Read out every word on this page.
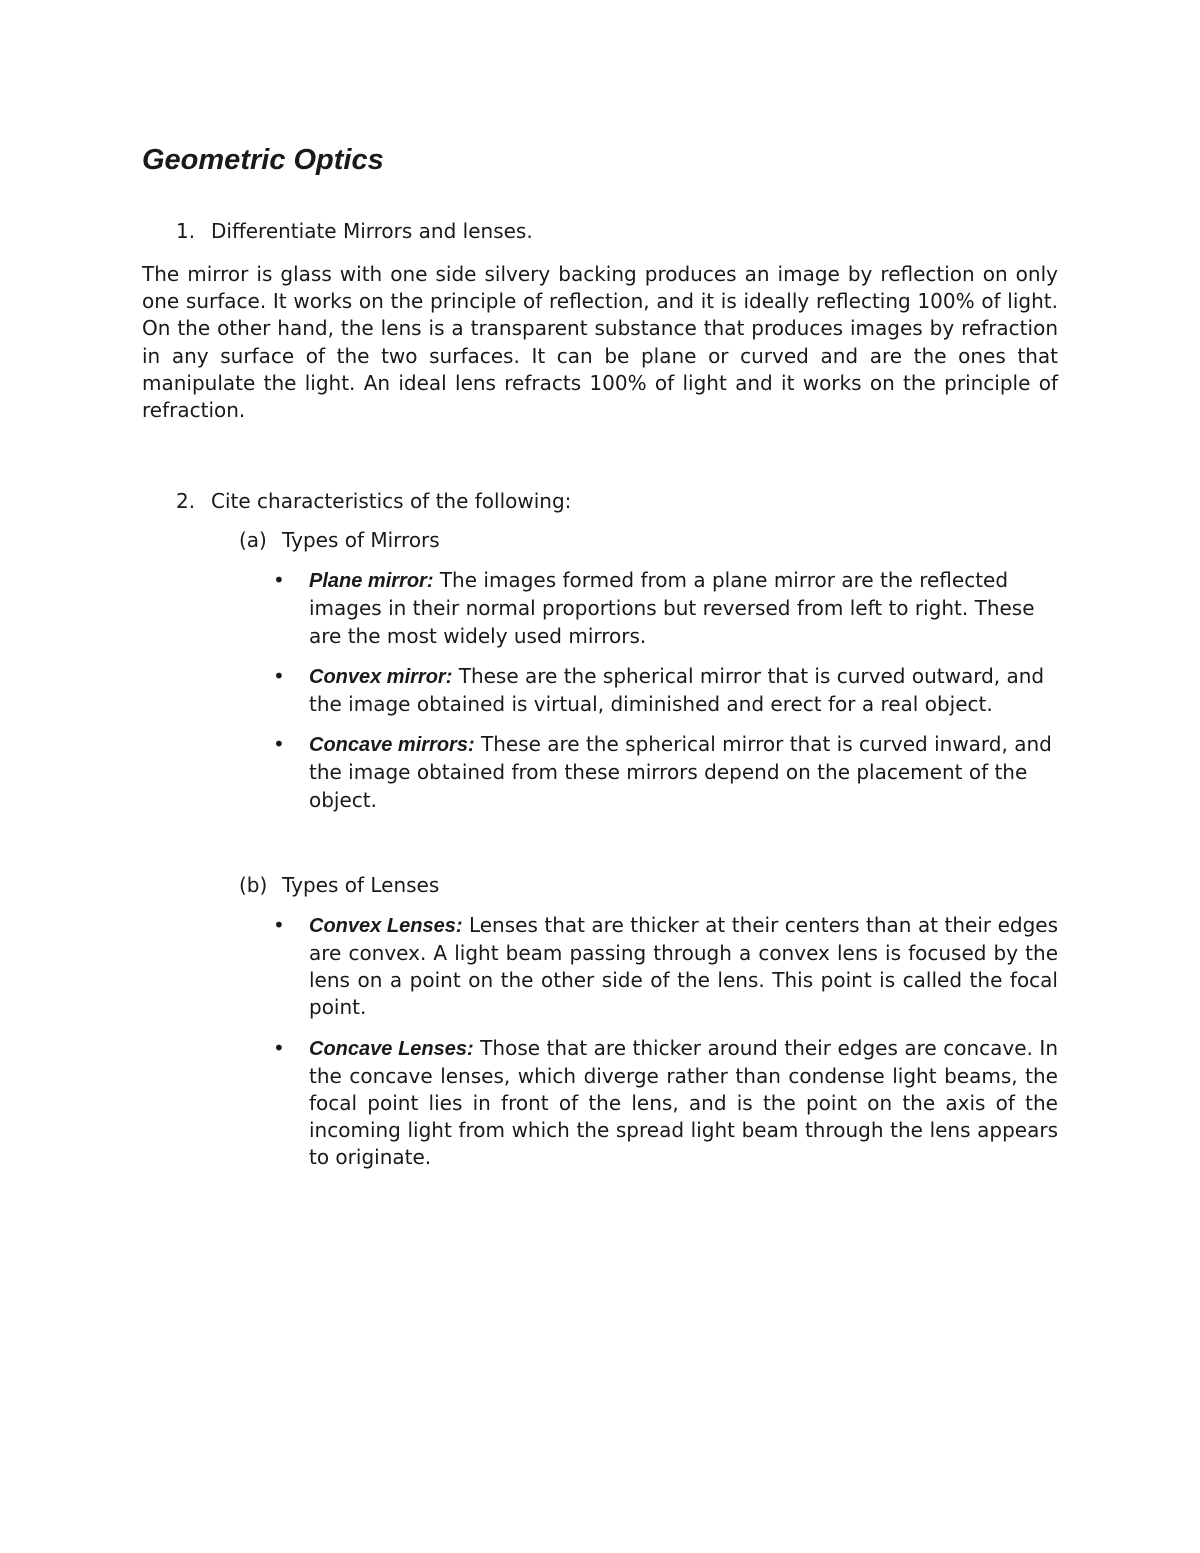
Geometric Optics

1. Differentiate Mirrors and lenses.

The mirror is glass with one side silvery backing produces an image by reflection on only one surface. It works on the principle of reflection, and it is ideally reflecting 100% of light. On the other hand, the lens is a transparent substance that produces images by refraction in any surface of the two surfaces. It can be plane or curved and are the ones that manipulate the light. An ideal lens refracts 100% of light and it works on the principle of refraction.

2. Cite characteristics of the following:

(a) Types of Mirrors

• Plane mirror: The images formed from a plane mirror are the reflected images in their normal proportions but reversed from left to right. These are the most widely used mirrors.
• Convex mirror: These are the spherical mirror that is curved outward, and the image obtained is virtual, diminished and erect for a real object.
• Concave mirrors: These are the spherical mirror that is curved inward, and the image obtained from these mirrors depend on the placement of the object.

(b) Types of Lenses

• Convex Lenses: Lenses that are thicker at their centers than at their edges are convex. A light beam passing through a convex lens is focused by the lens on a point on the other side of the lens. This point is called the focal point.
• Concave Lenses: Those that are thicker around their edges are concave. In the concave lenses, which diverge rather than condense light beams, the focal point lies in front of the lens, and is the point on the axis of the incoming light from which the spread light beam through the lens appears to originate.
